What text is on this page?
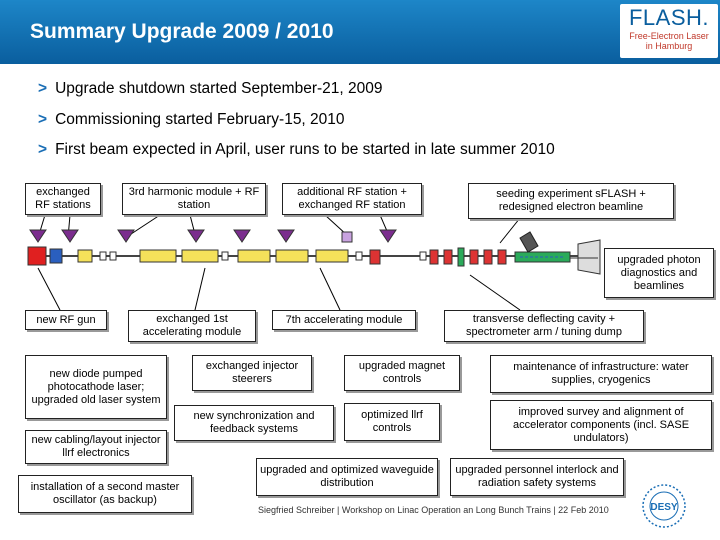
Summary Upgrade 2009 / 2010
FLASH.
Free-Electron Laser
in Hamburg
> Upgrade shutdown started September-21, 2009
> Commissioning started February-15, 2010
> First beam expected in April, user runs to be started in late summer 2010
exchanged RF stations
3rd harmonic module + RF station
additional RF station + exchanged RF station
seeding experiment sFLASH + redesigned electron beamline
upgraded photon diagnostics and beamlines
new RF gun	exchanged 1st accelerating module
7th accelerating module	transverse deflecting cavity + spectrometer arm / tuning dump
new diode pumped photocathode laser; upgraded old laser system
new cabling/layout injector llrf electronics
installation of a second master oscillator (as backup)
exchanged injector steerers
new synchronization and feedback systems
upgraded magnet controls
optimized llrf controls
upgraded and optimized waveguide distribution
maintenance of infrastructure: water supplies, cryogenics
improved survey and alignment of accelerator components (incl. SASE undulators)
upgraded personnel interlock and radiation safety systems
Siegfried Schreiber | Workshop on Linac Operation an Long Bunch Trains | 22 Feb 2010	DESY
